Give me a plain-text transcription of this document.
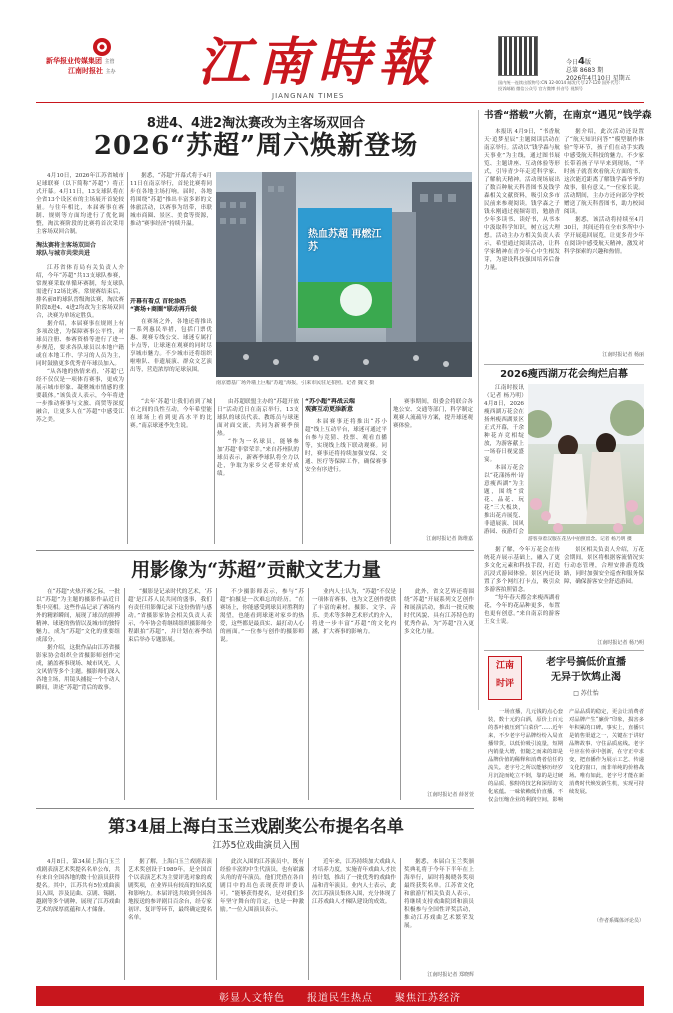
新华报业传媒集团 主管
江南时报社 主办 江南時報
JIANGNAN TIMES
今日4版
总第 8683 期
2026年4月10日 星期五
国内统一连续出版物号:CN 32-0014 邮发代号:27-120 国外代号:
投诉邮箱 微信公众号 官方微博 抖音号 视频号
8进4、4进2淘汰赛改为主客场双回合
2026“苏超”周六焕新登场

4月10日，2026年江苏省城市足球联赛（以下简称“苏超”）将正式开幕。4月11日，13支球队将在全省13个设区市的主场展开首轮较量。与往年相比，本届赛事在赛制、规则等方面均进行了优化调整，淘汰赛阶段的比赛将首次采用主客场双回合制。

淘汰赛将主客场双回合
球队与城市共荣共进

江苏省体育局有关负责人介绍，今年“苏超”共13支球队参赛，常规赛采取单循环赛制，每支球队需进行12场比赛。常规赛结束后，排名前8的球队晋级淘汰赛，淘汰赛阶段8进4、4进2均改为主客场双回合，决赛为单场定胜负。

据介绍，本届赛事在规则上有多项改进，为保障赛事公平性，对球员注册、参赛资格等进行了进一步规范，要求各队球员以本地户籍或在本地工作、学习的人员为主，同时鼓励更多优秀青年球员加入。

“从各地的热情来看，‘苏超’已经不仅仅是一项体育赛事，更成为展示城市形象、凝聚城市情感的重要载体。”该负责人表示，今年将进一步推动赛事与文旅、商贸等深度融合，让更多人在“苏超”中感受江苏之美。

据悉，“苏超”开幕式将于4月11日在南京举行，首轮比赛将同步在各地主场打响。届时，各地将围绕“苏超”推出丰富多彩的文体旅活动，以赛事为纽带，串联城市商圈、景区、美食等资源，推动“赛事经济”持续升温。

开幕有看点 首轮添热
“赛场+商圈”联动再升级

在赛场之外，各地还将推出一系列惠民举措，包括门票优惠、观赛专线公交、球迷专属打卡点等，让球迷在观赛的同时尽享城市魅力。不少城市还将组织啦啦队、非遗展演、群众文艺演出等，营造浓厚的足球氛围。

热血苏超 再燃江苏
南京德基广场外墙上巨幅“苏超”海报，引来市民驻足拍照。记者 魏文 摄

“去年‘苏超’让我们看到了城市之间的良性互动，今年希望能在球场上看到更高水平的比赛。”南京球迷李先生说。

由苏超联盟主办的“苏超开放日”活动近日在南京举行，13支球队的球员代表、教练员与球迷面对面交流，共同为新赛季预热。

“作为一名球员，能够参加‘苏超’非常荣幸。”来自苏州队的球员表示，新赛季球队将全力以赴，争取为家乡父老带来好成绩。

“苏小超”再战云端
观赛互动更添新意

本届赛事还将推出“苏小超”线上互动平台，球迷可通过平台参与竞猜、投票、观看直播等，实现线上线下联动观赛。同时，赛事还将持续加强安保、交通、医疗等保障工作，确保赛事安全有序进行。

赛事期间，组委会将联合各地公安、交通等部门，科学制定观赛人流疏导方案，提升球迷观赛体验。

江南时报记者 陈维嘉
书香“搭载”火箭，在南京“遇见”钱学森

本报讯 4月9日，“书香航天·追梦星辰”主题阅读活动在南京举行。活动以“钱学森与航天事业”为主线，通过图书展览、主题讲座、互动体验等形式，引导青少年走近科学家、了解航天精神。活动现场展出了数百种航天科普图书及钱学森相关文献资料，吸引众多市民前来参观阅读。钱学森之子钱永刚通过视频寄语，勉励青少年多读书、读好书，从书本中汲取科学知识，树立远大理想。活动主办方相关负责人表示，希望通过阅读活动，让科学家精神在青少年心中生根发芽，为建设科技强国培养后备力量。

据介绍，此次活动还设置了“航天知识问答”“模型制作体验”等环节，孩子们在动手实践中感受航天科技的魅力。不少家长带着孩子早早来到现场，“平时孩子就喜欢看航天方面的书，这次能近距离了解钱学森爷爷的故事，很有意义。”一位家长说。活动期间，主办方还向部分学校赠送了航天科普图书，助力校园阅读。

据悉，该活动将持续至4月30日，其间还将在全市多所中小学开展巡回展览，让更多青少年在阅读中感受航天精神，激发对科学探索的兴趣和热情。

江南时报记者 杨丽
2026瘦西湖万花会绚烂启幕

江南时报讯（记者 杨乃明）4月8日，2026瘦西湖万花会在扬州瘦西湖景区正式开幕，千余种花卉竞相绽放，为游客献上一场春日视觉盛宴。

本届万花会以“花漾扬州·诗意瘦西湖”为主题，围绕“赏花、品花、玩花”三大板块，推出花卉展览、非遗展演、国风游园、夜游灯会

游客身着汉服在花丛中拍照留念。记者 杨乃明 摄

据了解，今年万花会在传统花卉展示基础上，融入了更多文化元素和科技手段，打造沉浸式游园体验。景区内还设置了多个网红打卡点，吸引众多游客拍照留念。

“每年春天都会来瘦西湖看花，今年的花品种更多，布置也更有创意。”来自南京的游客王女士说。

景区相关负责人介绍，万花会期间，景区将根据客流情况实行动态管理，合理安排游览线路，同时加强安全巡查和服务保障，确保游客安全舒适游园。

江南时报记者 杨乃明
用影像为“苏超”贡献文艺力量

在“苏超”火热开赛之际，一批以“苏超”为主题的摄影作品近日集中亮相。这些作品记录了赛场内外的精彩瞬间，展现了球员的拼搏精神、球迷的热情以及城市的独特魅力，成为“苏超”文化的重要组成部分。

据介绍，这批作品由江苏省摄影家协会组织全省摄影师创作完成，涵盖赛事现场、城市风光、人文风情等多个主题。摄影师们深入各地主场，用镜头捕捉一个个动人瞬间，讲述“苏超”背后的故事。

“摄影是记录时代的艺术，‘苏超’是江苏人民共同的盛事，我们有责任用影像记录下这份热情与感动。”省摄影家协会相关负责人表示，今年协会将继续组织摄影师全程跟拍“苏超”，并计划在赛季结束后举办专题影展。

不少摄影师表示，参与“苏超”拍摄是一次难忘的经历。“在赛场上，你能感受到球员对胜利的渴望，也能看到球迷对家乡的热爱，这些都是最真实、最打动人心的画面。”一位参与创作的摄影师说。

业内人士认为，“苏超”不仅是一项体育赛事，也为文艺创作提供了丰富的素材。摄影、文学、音乐、美术等多种艺术形式的介入，将进一步丰富“苏超”的文化内涵，扩大赛事的影响力。

此外，省文艺界还将围绕“苏超”开展系列文艺创作和展演活动，推出一批反映时代风貌、具有江苏特色的优秀作品，为“苏超”注入更多文化力量。

江南时报记者 薛茗萱
江南
时评
老字号搞低价直播
无异于饮鸩止渴
□ 苏仕怡

一场直播，几元钱的点心套装，数十元的白酒，原价上百元的茶叶被压到“白菜价”……近年来，不少老字号品牌纷纷入局直播带货，以低价吸引流量，短期内销量大增，但随之而来的却是品牌价值的稀释和消费者信任的流失。老字号之所以能够历经岁月沉淀而屹立不倒，靠的是过硬的品质、独特的技艺和深厚的文化底蕴。一味依赖低价直播，不仅会压缩企业的利润空间，影响产品品质的稳定，更会让消费者对品牌产生“廉价”印象，损害多年积累的口碑。事实上，直播只是销售渠道之一，关键在于讲好品牌故事、守住品质底线。老字号应在传承中创新，在守正中求变，把直播作为展示工艺、传递文化的窗口，而非单纯的价格战场。唯有如此，老字号才能在新消费时代焕发新生机，实现可持续发展。

（作者系媒体评论员）
第34届上海白玉兰戏剧奖公布提名名单
江苏5位戏曲演员入围

4月8日，第34届上海白玉兰戏剧表演艺术奖提名名单公布，共有来自全国各地的数十位演员获得提名。其中，江苏共有5位戏曲演员入围，涉及昆曲、京剧、锡剧、越剧等多个剧种，展现了江苏戏曲艺术的深厚底蕴和人才储备。

据了解，上海白玉兰戏剧表演艺术奖创设于1989年，是全国首个以表演艺术为主要评选对象的戏剧奖项，在业界具有较高的知名度和影响力。本届评选共收到全国各地报送的参评剧目百余台，经专家初评、复评等环节，最终确定提名名单。

此次入围的江苏演员中，既有经验丰富的中生代演员，也有崭露头角的青年演员。他们凭借在各自剧目中的出色表现获得评委认可。“能够获得提名，是对我们多年坚守舞台的肯定，也是一种激励。”一位入围演员表示。

近年来，江苏持续加大戏曲人才培养力度，实施青年戏曲人才扶持计划，推出了一批优秀的戏曲作品和青年演员。业内人士表示，此次江苏演员集体入围，充分体现了江苏戏曲人才梯队建设的成效。

据悉，本届白玉兰奖颁奖典礼将于今年下半年在上海举行，届时将揭晓各奖项最终获奖名单。江苏省文化和旅游厅相关负责人表示，将继续支持戏曲院团和演员积极参与全国性评奖活动，推动江苏戏曲艺术繁荣发展。

江南时报记者 郑晓辉
彰显人文特色 报道民生热点 聚焦江苏经济
